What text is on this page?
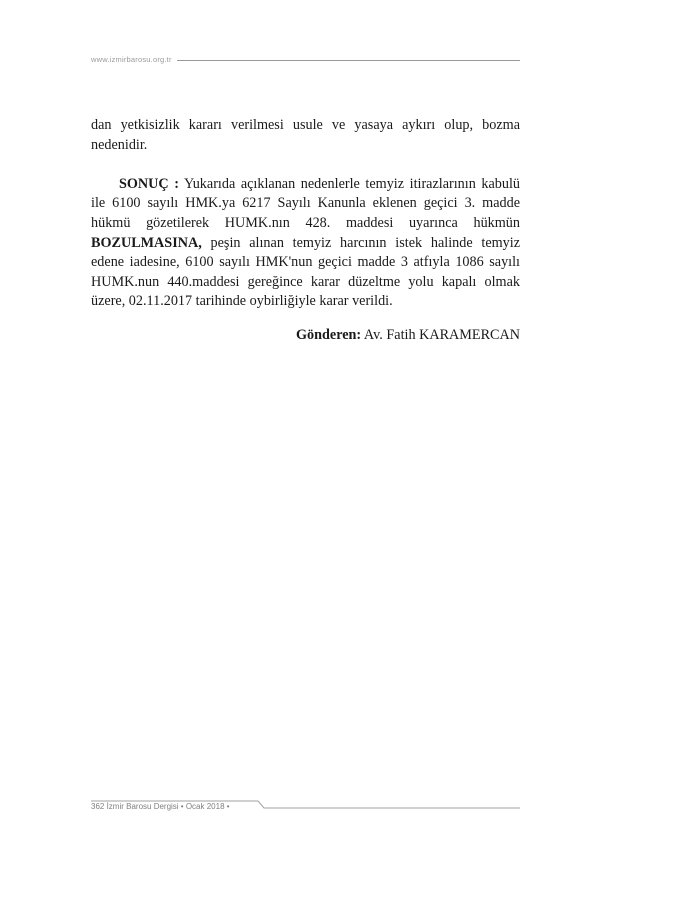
www.izmirbarosu.org.tr

dan yetkisizlik kararı verilmesi usule ve yasaya aykırı olup, bozma nedenidir.

SONUÇ : Yukarıda açıklanan nedenlerle temyiz itirazlarının kabulü ile 6100 sayılı HMK.ya 6217 Sayılı Kanunla eklenen geçici 3. madde hükmü gözetilerek HUMK.nın 428. maddesi uyarınca hükmün BOZULMASINA, peşin alınan temyiz harcının istek halinde temyiz edene iadesine, 6100 sayılı HMK'nun geçici madde 3 atfıyla 1086 sayılı HUMK.nun 440.maddesi gereğince karar düzeltme yolu kapalı olmak üzere, 02.11.2017 tarihinde oybirliğiyle karar verildi.

Gönderen: Av. Fatih KARAMERCAN

362 İzmir Barosu Dergisi • Ocak 2018 •
